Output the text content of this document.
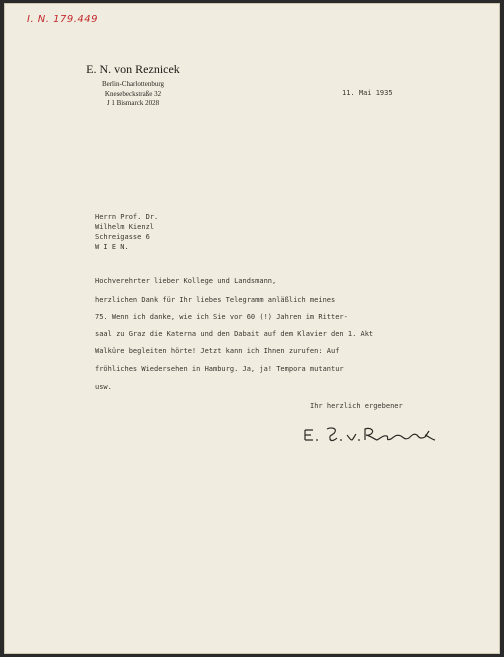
I. N. 179.449
E. N. von Reznicek
Berlin-Charlottenburg
Knesebeckstraße 32
J 1 Bismarck 2028
11. Mai 1935
Herrn Prof. Dr.
Wilhelm Kienzl
Schreigasse 6
W I E N.
Hochverehrter lieber Kollege und Landsmann,
herzlichen Dank für Ihr liebes Telegramm anläßlich meines
75. Wenn ich danke, wie ich Sie vor 60 (!) Jahren im Ritter-
saal zu Graz die Katerna und den Dabait auf dem Klavier den 1. Akt
Walküre begleiten hörte! Jetzt kann ich Ihnen zurufen: Auf
fröhliches Wiedersehen in Hamburg. Ja, ja! Tempora mutantur
usw.
Ihr herzlich ergebener
